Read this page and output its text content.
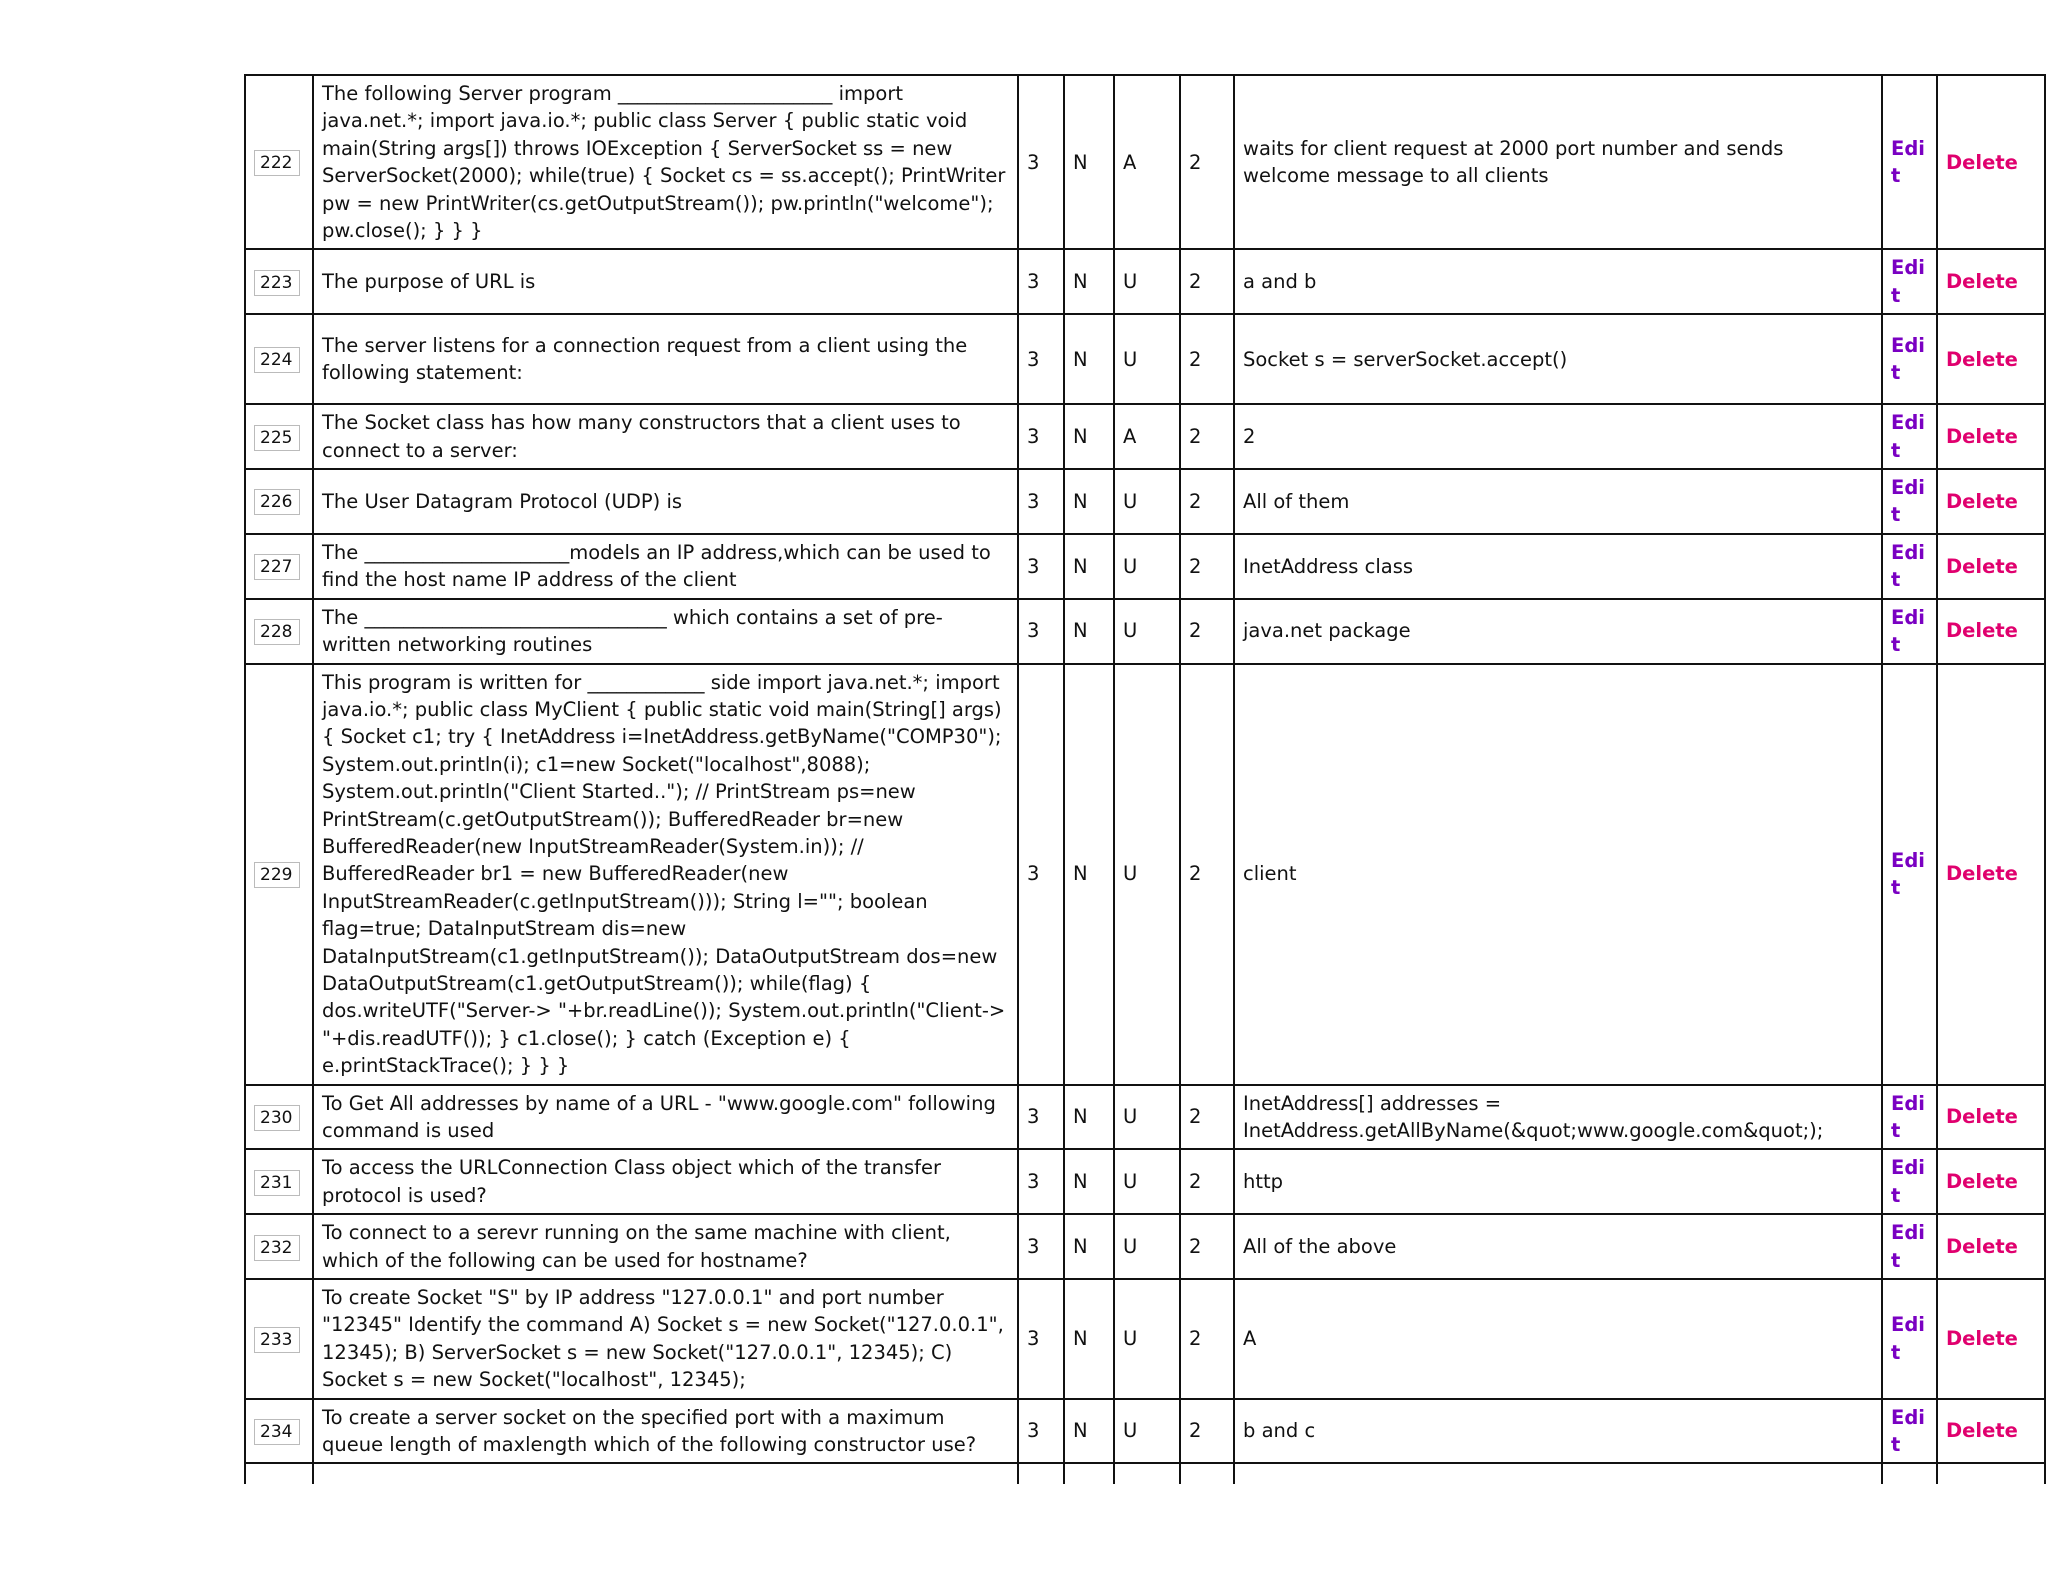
222	The following Server program ______________________ import java.net.*; import java.io.*; public class Server { public static void main(String args[]) throws IOException { ServerSocket ss = new ServerSocket(2000); while(true) { Socket cs = ss.accept(); PrintWriter pw = new PrintWriter(cs.getOutputStream()); pw.println("welcome"); pw.close(); } } }	3	N	A	2	waits for client request at 2000 port number and sends welcome message to all clients	Edit	Delete
223	The purpose of URL is	3	N	U	2	a and b	Edit	Delete
224	The server listens for a connection request from a client using the following statement:	3	N	U	2	Socket s = serverSocket.accept()	Edit	Delete
225	The Socket class has how many constructors that a client uses to connect to a server:	3	N	A	2	2	Edit	Delete
226	The User Datagram Protocol (UDP) is	3	N	U	2	All of them	Edit	Delete
227	The _____________________models an IP address,which can be used to find the host name IP address of the client	3	N	U	2	InetAddress class	Edit	Delete
228	The _______________________________ which contains a set of pre-written networking routines	3	N	U	2	java.net package	Edit	Delete
229	This program is written for ____________ side import java.net.*; import java.io.*; public class MyClient { public static void main(String[] args) { Socket c1; try { InetAddress i=InetAddress.getByName("COMP30"); System.out.println(i); c1=new Socket("localhost",8088); System.out.println("Client Started.."); // PrintStream ps=new PrintStream(c.getOutputStream()); BufferedReader br=new BufferedReader(new InputStreamReader(System.in)); // BufferedReader br1 = new BufferedReader(new InputStreamReader(c.getInputStream())); String l=""; boolean flag=true; DataInputStream dis=new DataInputStream(c1.getInputStream()); DataOutputStream dos=new DataOutputStream(c1.getOutputStream()); while(flag) { dos.writeUTF("Server-> "+br.readLine()); System.out.println("Client-> "+dis.readUTF()); } c1.close(); } catch (Exception e) { e.printStackTrace(); } } }	3	N	U	2	client	Edit	Delete
230	To Get All addresses by name of a URL - "www.google.com" following command is used	3	N	U	2	InetAddress[] addresses = InetAddress.getAllByName(&quot;www.google.com&quot;);	Edit	Delete
231	To access the URLConnection Class object which of the transfer protocol is used?	3	N	U	2	http	Edit	Delete
232	To connect to a serevr running on the same machine with client, which of the following can be used for hostname?	3	N	U	2	All of the above	Edit	Delete
233	To create Socket "S" by IP address "127.0.0.1" and port number "12345" Identify the command A) Socket s = new Socket("127.0.0.1", 12345); B) ServerSocket s = new Socket("127.0.0.1", 12345); C) Socket s = new Socket("localhost", 12345);	3	N	U	2	A	Edit	Delete
234	To create a server socket on the specified port with a maximum queue length of maxlength which of the following constructor use?	3	N	U	2	b and c	Edit	Delete
